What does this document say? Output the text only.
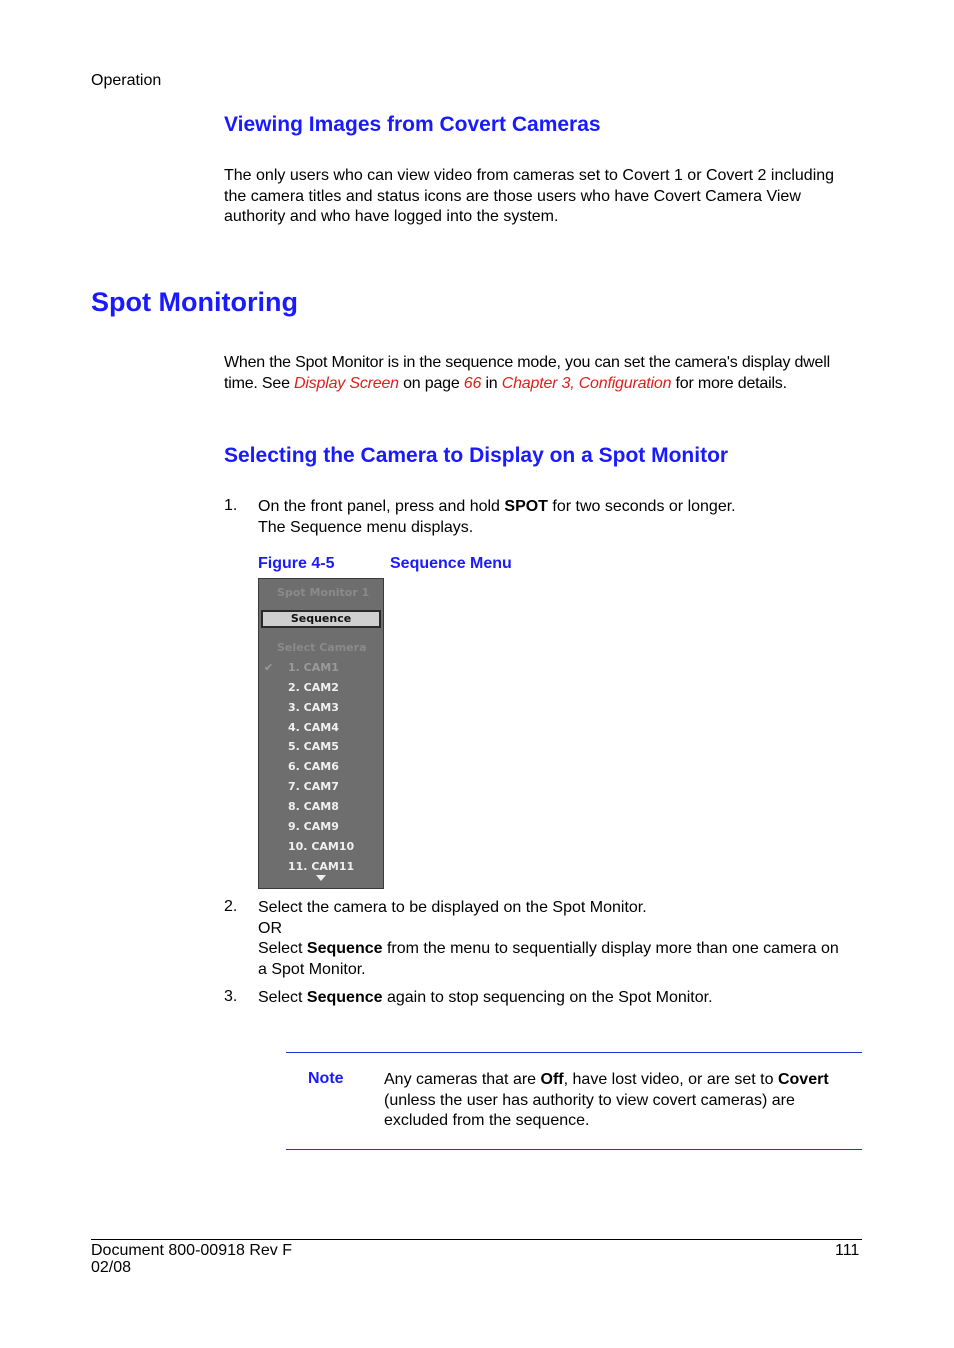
Operation
Viewing Images from Covert Cameras
The only users who can view video from cameras set to Covert 1 or Covert 2 including
the camera titles and status icons are those users who have Covert Camera View
authority and who have logged into the system.
Spot Monitoring
When the Spot Monitor is in the sequence mode, you can set the camera's display dwell
time. See Display Screen on page 66 in Chapter 3, Configuration for more details.
Selecting the Camera to Display on a Spot Monitor
1. On the front panel, press and hold SPOT for two seconds or longer.
The Sequence menu displays.
Figure 4-5	Sequence Menu
Spot Monitor 1
Sequence
Select Camera
✔ 1. CAM1
2. CAM2
3. CAM3
4. CAM4
5. CAM5
6. CAM6
7. CAM7
8. CAM8
9. CAM9
10. CAM10
11. CAM11
2. Select the camera to be displayed on the Spot Monitor.
OR
Select Sequence from the menu to sequentially display more than one camera on
a Spot Monitor.
3. Select Sequence again to stop sequencing on the Spot Monitor.
Note	Any cameras that are Off, have lost video, or are set to Covert
(unless the user has authority to view covert cameras) are
excluded from the sequence.
Document 800-00918 Rev F
02/08
111
